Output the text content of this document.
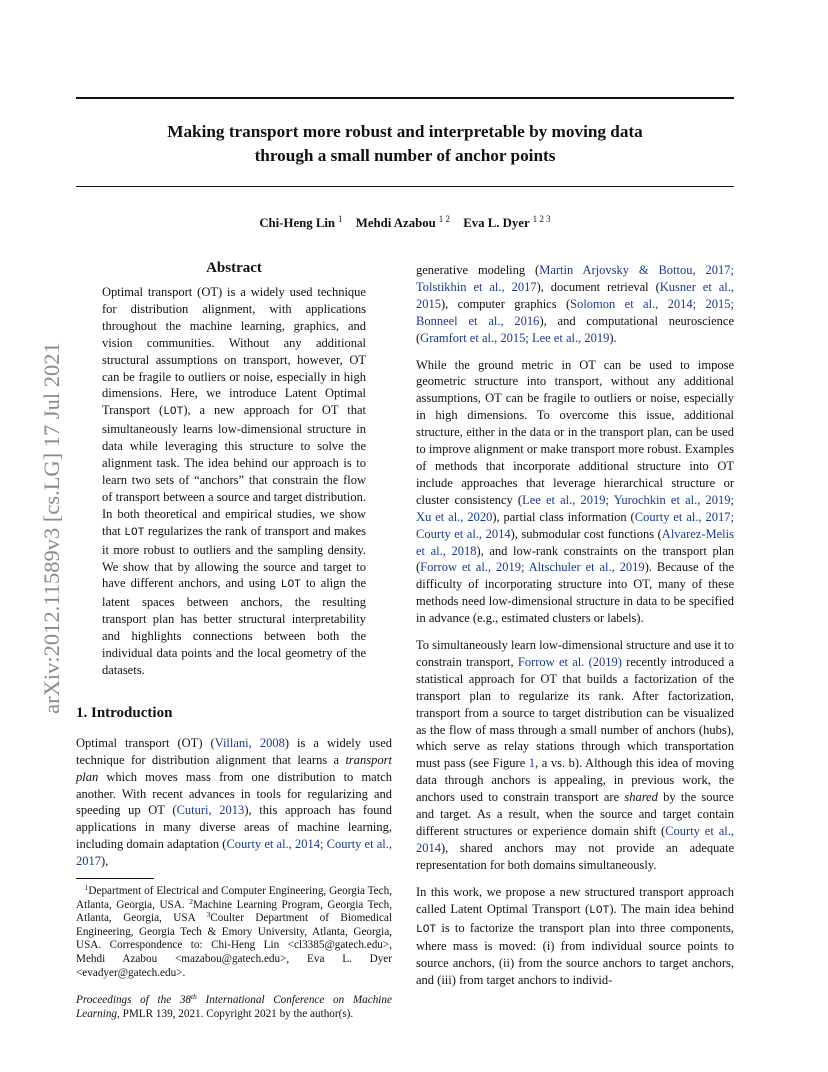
Making transport more robust and interpretable by moving data
through a small number of anchor points
Chi-Heng Lin $^1$ Mehdi Azabou $^{1 2}$ Eva L. Dyer $^{1 2 3}$
arXiv:2012.11589v3 [cs.LG] 17 Jul 2021
Abstract

Optimal transport (OT) is a widely used technique for distribution alignment, with applications throughout the machine learning, graphics, and vision communities. Without any additional structural assumptions on transport, however, OT can be fragile to outliers or noise, especially in high dimensions. Here, we introduce Latent Optimal Transport (LOT), a new approach for OT that simultaneously learns low-dimensional structure in data while leveraging this structure to solve the alignment task. The idea behind our approach is to learn two sets of “anchors” that constrain the flow of transport between a source and target distribution. In both theoretical and empirical studies, we show that LOT regularizes the rank of transport and makes it more robust to outliers and the sampling density. We show that by allowing the source and target to have different anchors, and using LOT to align the latent spaces between anchors, the resulting transport plan has better structural interpretability and highlights connections between both the individual data points and the local geometry of the datasets.

1. Introduction

Optimal transport (OT) (Villani, 2008) is a widely used technique for distribution alignment that learns a transport plan which moves mass from one distribution to match another. With recent advances in tools for regularizing and speeding up OT (Cuturi, 2013), this approach has found applications in many diverse areas of machine learning, including domain adaptation (Courty et al., 2014; Courty et al., 2017),

$^1$Department of Electrical and Computer Engineering, Georgia Tech, Atlanta, Georgia, USA. $^2$Machine Learning Program, Georgia Tech, Atlanta, Georgia, USA $^3$Coulter Department of Biomedical Engineering, Georgia Tech & Emory University, Atlanta, Georgia, USA. Correspondence to: Chi-Heng Lin <cl3385@gatech.edu>, Mehdi Azabou <mazabou@gatech.edu>, Eva L. Dyer <evadyer@gatech.edu>.

Proceedings of the 38th International Conference on Machine Learning, PMLR 139, 2021. Copyright 2021 by the author(s).

generative modeling (Martin Arjovsky & Bottou, 2017; Tolstikhin et al., 2017), document retrieval (Kusner et al., 2015), computer graphics (Solomon et al., 2014; 2015; Bonneel et al., 2016), and computational neuroscience (Gramfort et al., 2015; Lee et al., 2019).

While the ground metric in OT can be used to impose geometric structure into transport, without any additional assumptions, OT can be fragile to outliers or noise, especially in high dimensions. To overcome this issue, additional structure, either in the data or in the transport plan, can be used to improve alignment or make transport more robust. Examples of methods that incorporate additional structure into OT include approaches that leverage hierarchical structure or cluster consistency (Lee et al., 2019; Yurochkin et al., 2019; Xu et al., 2020), partial class information (Courty et al., 2017; Courty et al., 2014), submodular cost functions (Alvarez-Melis et al., 2018), and low-rank constraints on the transport plan (Forrow et al., 2019; Altschuler et al., 2019). Because of the difficulty of incorporating structure into OT, many of these methods need low-dimensional structure in data to be specified in advance (e.g., estimated clusters or labels).

To simultaneously learn low-dimensional structure and use it to constrain transport, Forrow et al. (2019) recently introduced a statistical approach for OT that builds a factorization of the transport plan to regularize its rank. After factorization, transport from a source to target distribution can be visualized as the flow of mass through a small number of anchors (hubs), which serve as relay stations through which transportation must pass (see Figure 1, a vs. b). Although this idea of moving data through anchors is appealing, in previous work, the anchors used to constrain transport are shared by the source and target. As a result, when the source and target contain different structures or experience domain shift (Courty et al., 2014), shared anchors may not provide an adequate representation for both domains simultaneously.

In this work, we propose a new structured transport approach called Latent Optimal Transport (LOT). The main idea behind LOT is to factorize the transport plan into three components, where mass is moved: (i) from individual source points to source anchors, (ii) from the source anchors to target anchors, and (iii) from target anchors to individ-
